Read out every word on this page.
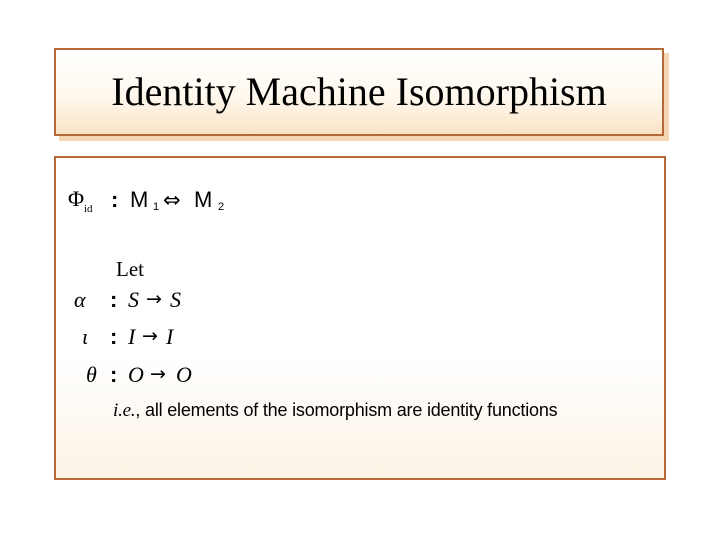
Identity Machine Isomorphism
Φ id : M 1 ⇔ M 2
Let
α : S → S
ι : I → I
θ : O → O
i.e., all elements of the isomorphism are identity functions
